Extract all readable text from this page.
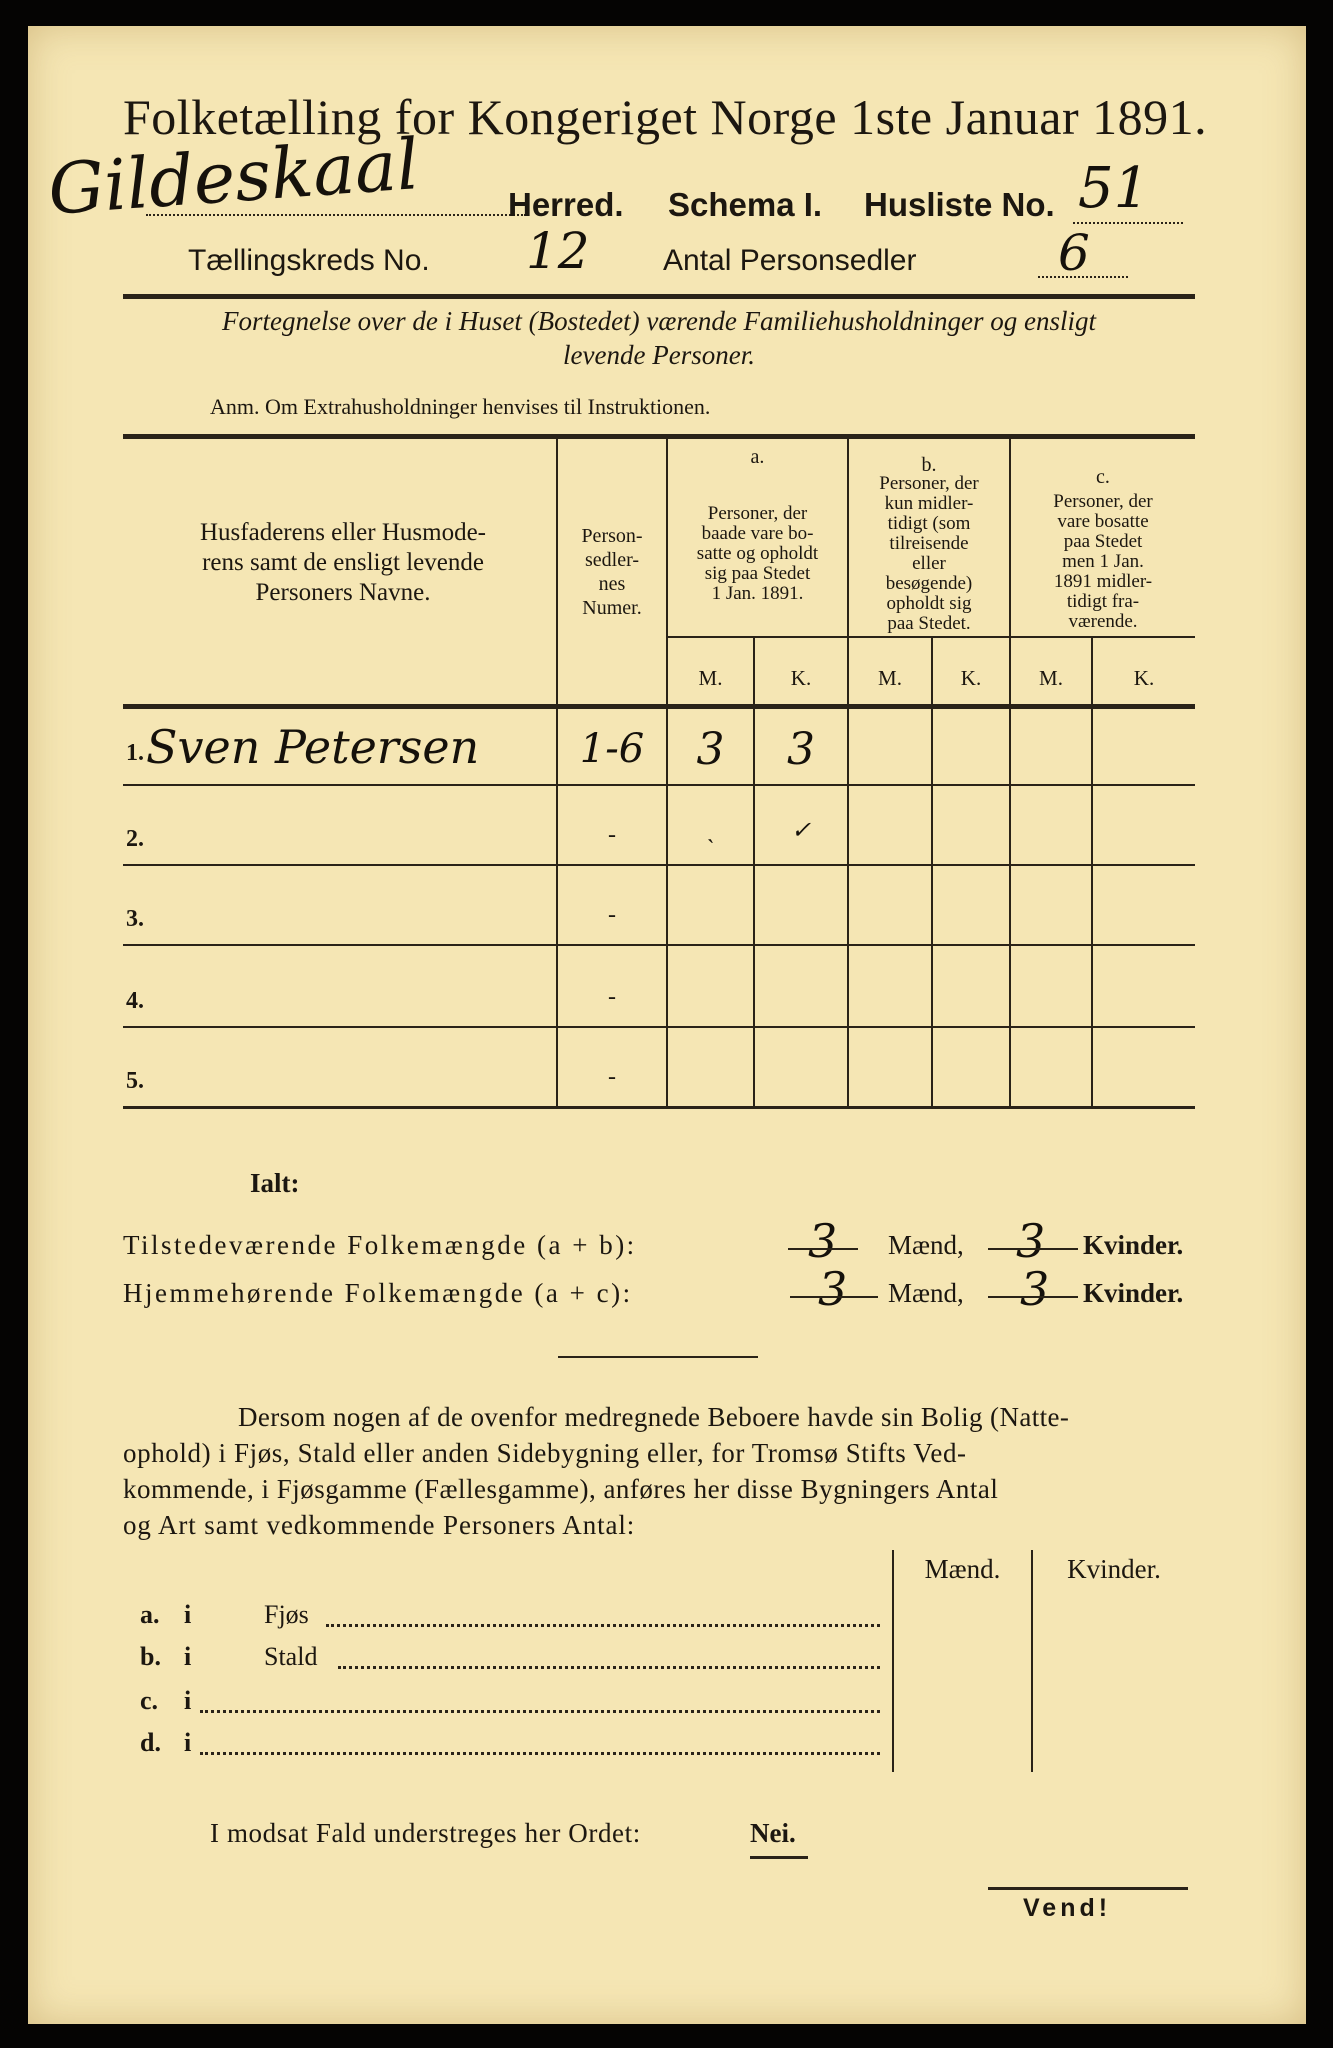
Folketælling for Kongeriget Norge 1ste Januar 1891.
Gildeskaal	Herred. Schema I. Husliste No. 51
Tællingskreds No. 12 Antal Personsedler	6
Fortegnelse over de i Huset (Bostedet) værende Familiehusholdninger og ensligt
levende Personer.
Anm. Om Extrahusholdninger henvises til Instruktionen.
Husfaderens eller Husmode-
rens samt de ensligt levende
Personers Navne.
Person-
sedler-
nes
Numer.
a.
Personer, der
baade vare bo-
satte og opholdt
sig paa Stedet
1 Jan. 1891.
b.
Personer, der
kun midler-
tidigt (som
tilreisende
eller
besøgende)
opholdt sig
paa Stedet.
c.
Personer, der
vare bosatte
paa Stedet
men 1 Jan.
1891 midler-
tidigt fra-
værende.
M.	K.	M.	K.	M.	K.
1. Sven Petersen	1-6	3	3
2.	-	ˎ	✓
3.	-
4.	-
5.	-
Ialt:
Tilstedeværende Folkemængde (a + b):	3 Mænd, 3 Kvinder.
Hjemmehørende Folkemængde (a + c):	3 Mænd, 3 Kvinder.
Dersom nogen af de ovenfor medregnede Beboere havde sin Bolig (Natte-
ophold) i Fjøs, Stald eller anden Sidebygning eller, for Tromsø Stifts Ved-
kommende, i Fjøsgamme (Fællesgamme), anføres her disse Bygningers Antal
og Art samt vedkommende Personers Antal:
Mænd.	Kvinder.
a. i	Fjøs
b. i	Stald
c. i
d. i
I modsat Fald understreges her Ordet:	Nei.
Vend!
